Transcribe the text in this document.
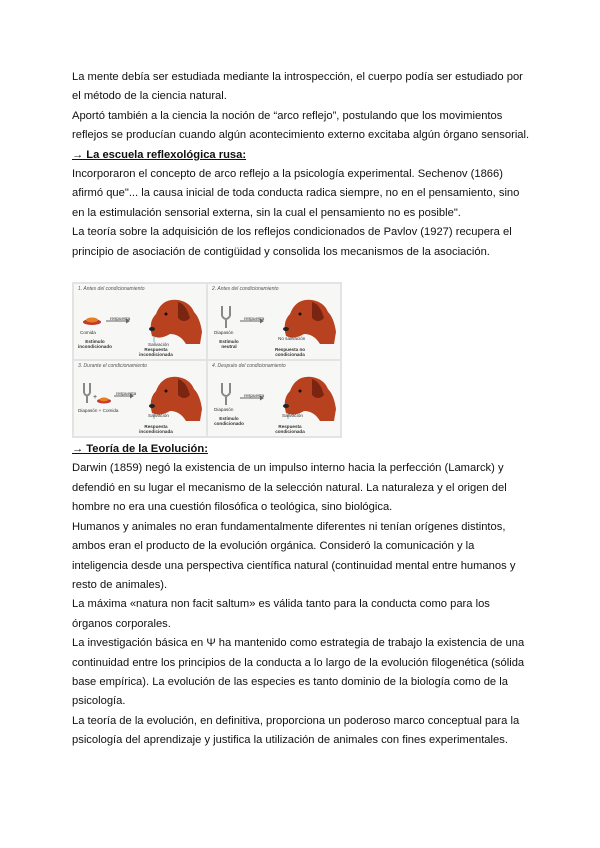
La mente debía ser estudiada mediante la introspección, el cuerpo podía ser estudiado por
el método de la ciencia natural.

Aportó también a la ciencia la noción de “arco reflejo”, postulando que los movimientos
reflejos se producían cuando algún acontecimiento externo excitaba algún órgano sensorial.

→ La escuela reflexológica rusa:

Incorporaron el concepto de arco reflejo a la psicología experimental. Sechenov (1866)
afirmó que"... la causa inicial de toda conducta radica siempre, no en el pensamiento, sino
en la estimulación sensorial externa, sin la cual el pensamiento no es posible".

La teoría sobre la adquisición de los reflejos condicionados de Pavlov (1927) recupera el
principio de asociación de contigüidad y consolida los mecanismos de la asociación.

1. Antes del condicionamiento
Comida
respuesta
Salivación
Estímulo incondicionado
Respuesta incondicionada
2. Antes del condicionamiento
Diapasón
respuesta
No salivación
Estímulo neutral
Respuesta no condicionada
3. Durante el condicionamiento
+
Diapasón + Comida
respuesta
Salivación
Respuesta incondicionada
4. Después del condicionamiento
Diapasón
respuesta
Salivación
Estímulo condicionado
Respuesta condicionada

→ Teoría de la Evolución:

Darwin (1859) negó la existencia de un impulso interno hacia la perfección (Lamarck) y
defendió en su lugar el mecanismo de la selección natural. La naturaleza y el origen del
hombre no era una cuestión filosófica o teológica, sino biológica.

Humanos y animales no eran fundamentalmente diferentes ni tenían orígenes distintos,
ambos eran el producto de la evolución orgánica. Consideró la comunicación y la
inteligencia desde una perspectiva científica natural (continuidad mental entre humanos y
resto de animales).

La máxima «natura non facit saltum» es válida tanto para la conducta como para los
órganos corporales.

La investigación básica en Ψ ha mantenido como estrategia de trabajo la existencia de una
continuidad entre los principios de la conducta a lo largo de la evolución filogenética (sólida
base empírica). La evolución de las especies es tanto dominio de la biología como de la
psicología.

La teoría de la evolución, en definitiva, proporciona un poderoso marco conceptual para la
psicología del aprendizaje y justifica la utilización de animales con fines experimentales.
